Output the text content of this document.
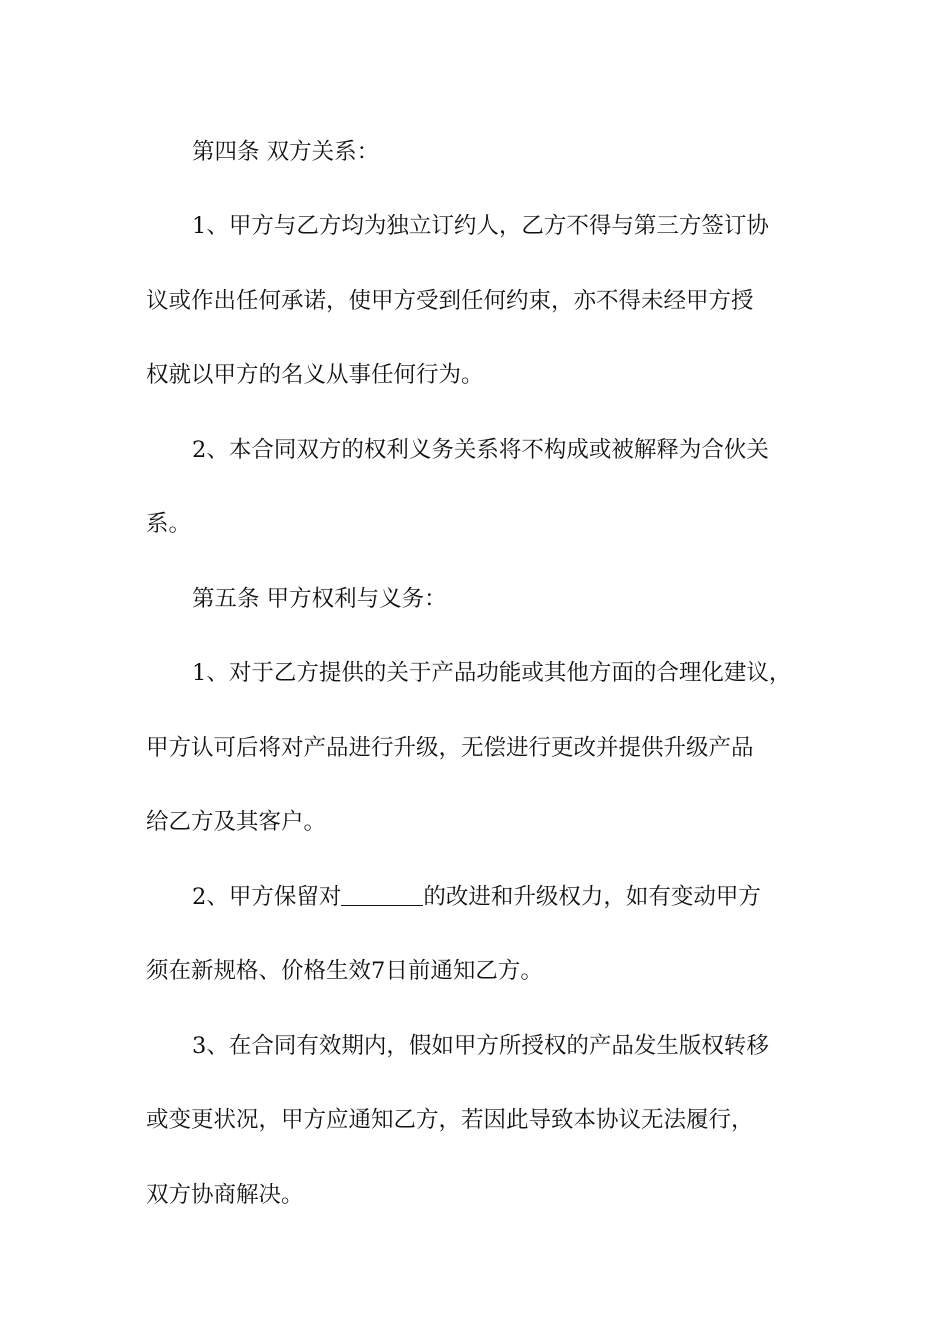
第四条 双方关系：
1、甲方与乙方均为独立订约人，乙方不得与第三方签订协
议或作出任何承诺，使甲方受到任何约束，亦不得未经甲方授
权就以甲方的名义从事任何行为。
2、本合同双方的权利义务关系将不构成或被解释为合伙关
系。
第五条 甲方权利与义务：
1、对于乙方提供的关于产品功能或其他方面的合理化建议，
甲方认可后将对产品进行升级，无偿进行更改并提供升级产品
给乙方及其客户。
2、甲方保留对	的改进和升级权力，如有变动甲方
须在新规格、价格生效7日前通知乙方。
3、在合同有效期内，假如甲方所授权的产品发生版权转移
或变更状况，甲方应通知乙方，若因此导致本协议无法履行，
双方协商解决。
